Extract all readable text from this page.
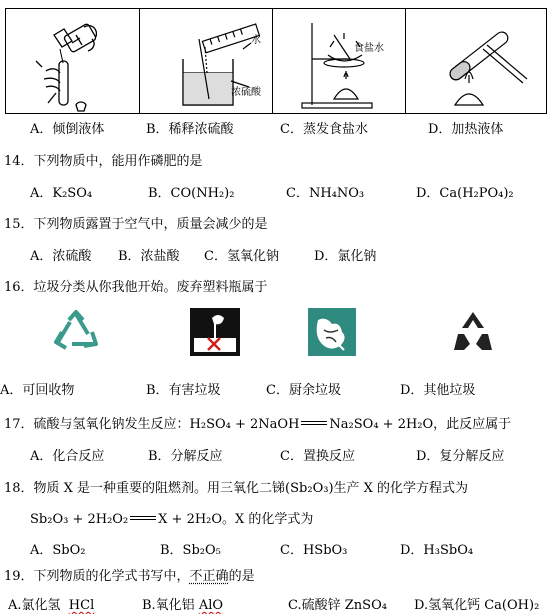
水
浓硫酸
食盐水
A．倾倒液体	B．稀释浓硫酸	C．蒸发食盐水	D．加热液体
14．下列物质中，能用作磷肥的是
A．K₂SO₄	B．CO(NH₂)₂	C．NH₄NO₃	D．Ca(H₂PO₄)₂
15．下列物质露置于空气中，质量会减少的是
A．浓硫酸 B．浓盐酸 C．氢氧化钠	D．氯化钠
16．垃圾分类从你我他开始。废弃塑料瓶属于
A．可回收物	B．有害垃圾	C．厨余垃圾	D．其他垃圾
17．硫酸与氢氧化钠发生反应：H₂SO₄ + 2NaOH Na₂SO₄ + 2H₂O，此反应属于
A．化合反应	B．分解反应	C．置换反应	D．复分解反应
18．物质 X 是一种重要的阻燃剂。用三氧化二锑(Sb₂O₃)生产 X 的化学方程式为
Sb₂O₃ + 2H₂O₂ X + 2H₂O。X 的化学式为
A．SbO₂	B．Sb₂O₅	C．HSbO₃	D．H₃SbO₄
19．下列物质的化学式书写中，不正确的是
A.氯化氢 HCl	B.氧化铝 AlO	C.硫酸锌 ZnSO₄ D.氢氧化钙 Ca(OH)₂
